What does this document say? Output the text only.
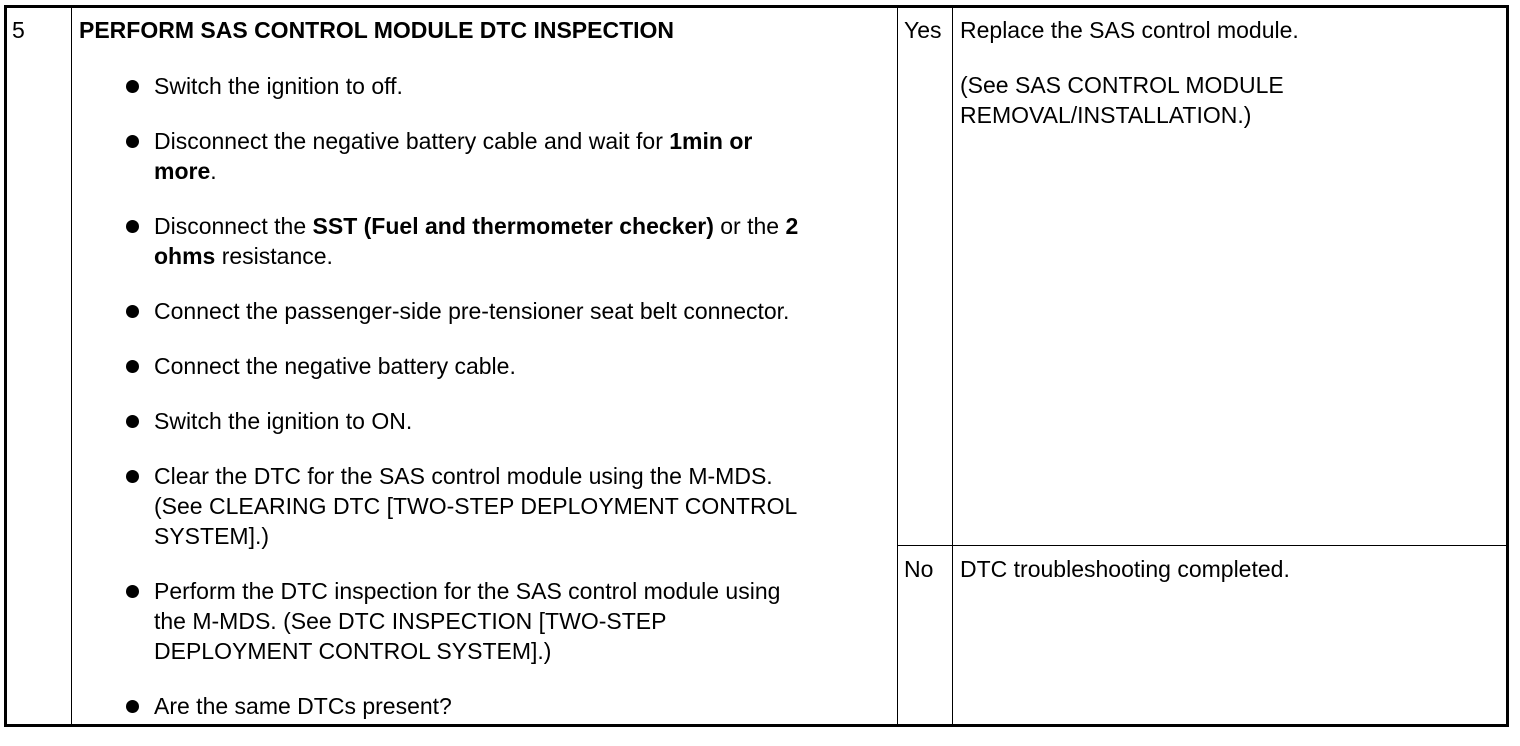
5 PERFORM SAS CONTROL MODULE DTC INSPECTION
Switch the ignition to off.
Disconnect the negative battery cable and wait for 1min or
more.
Disconnect the SST (Fuel and thermometer checker) or the 2
ohms resistance.
Connect the passenger-side pre-tensioner seat belt connector.
Connect the negative battery cable.
Switch the ignition to ON.
Clear the DTC for the SAS control module using the M-MDS.
(See CLEARING DTC [TWO-STEP DEPLOYMENT CONTROL
SYSTEM].)
Perform the DTC inspection for the SAS control module using
the M-MDS. (See DTC INSPECTION [TWO-STEP
DEPLOYMENT CONTROL SYSTEM].)
Are the same DTCs present?
Yes Replace the SAS control module.
(See SAS CONTROL MODULE
REMOVAL/INSTALLATION.)
No DTC troubleshooting completed.
